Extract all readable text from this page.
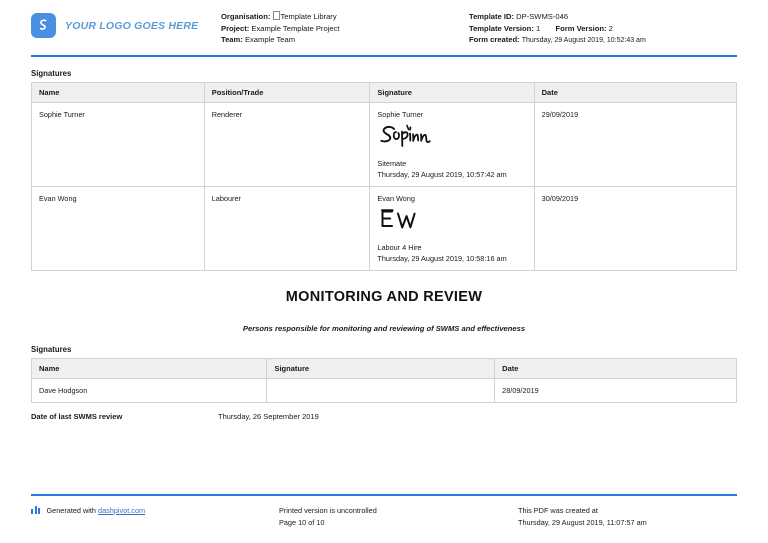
YOUR LOGO GOES HERE
Organisation: Template Library
Project: Example Template Project
Team: Example Team
Template ID: DP-SWMS-046
Template Version: 1 Form Version: 2
Form created: Thursday, 29 August 2019, 10:52:43 am
Signatures
Name	Position/Trade	Signature	Date
Sophie Turner	Renderer	Sophie Turner
Sitemate
Thursday, 29 August 2019, 10:57:42 am	29/09/2019
Evan Wong	Labourer	Evan Wong
Labour 4 Hire
Thursday, 29 August 2019, 10:58:16 am	30/09/2019
MONITORING AND REVIEW
Persons responsible for monitoring and reviewing of SWMS and effectiveness
Signatures
Name	Signature	Date
Dave Hodgson		28/09/2019
Date of last SWMS review	Thursday, 26 September 2019
Generated with
dashpivot.com	Printed version is uncontrolled
Page 10 of 10
This PDF was created at
Thursday, 29 August 2019, 11:07:57 am
